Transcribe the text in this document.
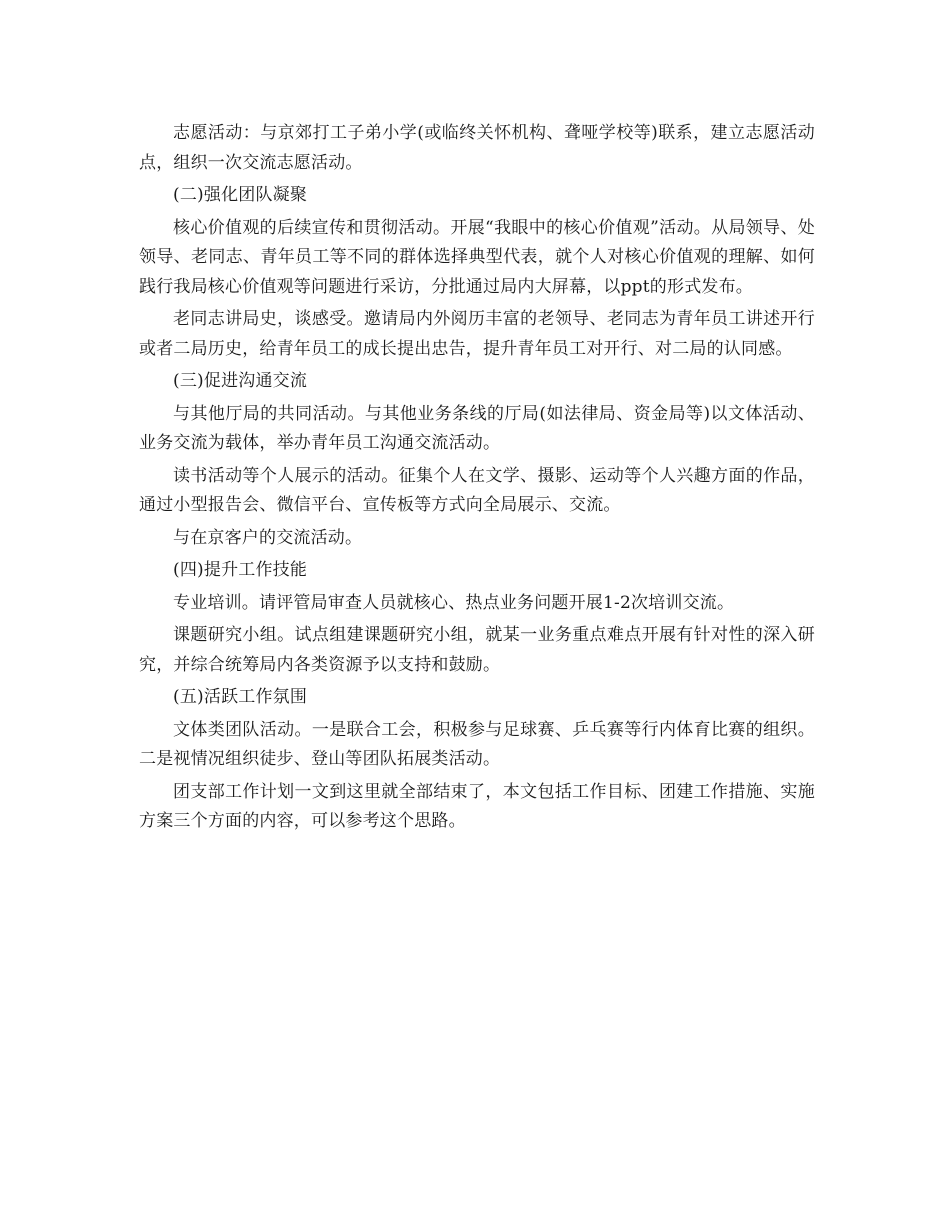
志愿活动：与京郊打工子弟小学(或临终关怀机构、聋哑学校等)联系，建立志愿活动点，组织一次交流志愿活动。

(二)强化团队凝聚

核心价值观的后续宣传和贯彻活动。开展“我眼中的核心价值观”活动。从局领导、处领导、老同志、青年员工等不同的群体选择典型代表，就个人对核心价值观的理解、如何践行我局核心价值观等问题进行采访，分批通过局内大屏幕，以ppt的形式发布。

老同志讲局史，谈感受。邀请局内外阅历丰富的老领导、老同志为青年员工讲述开行或者二局历史，给青年员工的成长提出忠告，提升青年员工对开行、对二局的认同感。

(三)促进沟通交流

与其他厅局的共同活动。与其他业务条线的厅局(如法律局、资金局等)以文体活动、业务交流为载体，举办青年员工沟通交流活动。

读书活动等个人展示的活动。征集个人在文学、摄影、运动等个人兴趣方面的作品，通过小型报告会、微信平台、宣传板等方式向全局展示、交流。

与在京客户的交流活动。

(四)提升工作技能

专业培训。请评管局审查人员就核心、热点业务问题开展1-2次培训交流。

课题研究小组。试点组建课题研究小组，就某一业务重点难点开展有针对性的深入研究，并综合统筹局内各类资源予以支持和鼓励。

(五)活跃工作氛围

文体类团队活动。一是联合工会，积极参与足球赛、乒乓赛等行内体育比赛的组织。二是视情况组织徒步、登山等团队拓展类活动。

团支部工作计划一文到这里就全部结束了，本文包括工作目标、团建工作措施、实施方案三个方面的内容，可以参考这个思路。
